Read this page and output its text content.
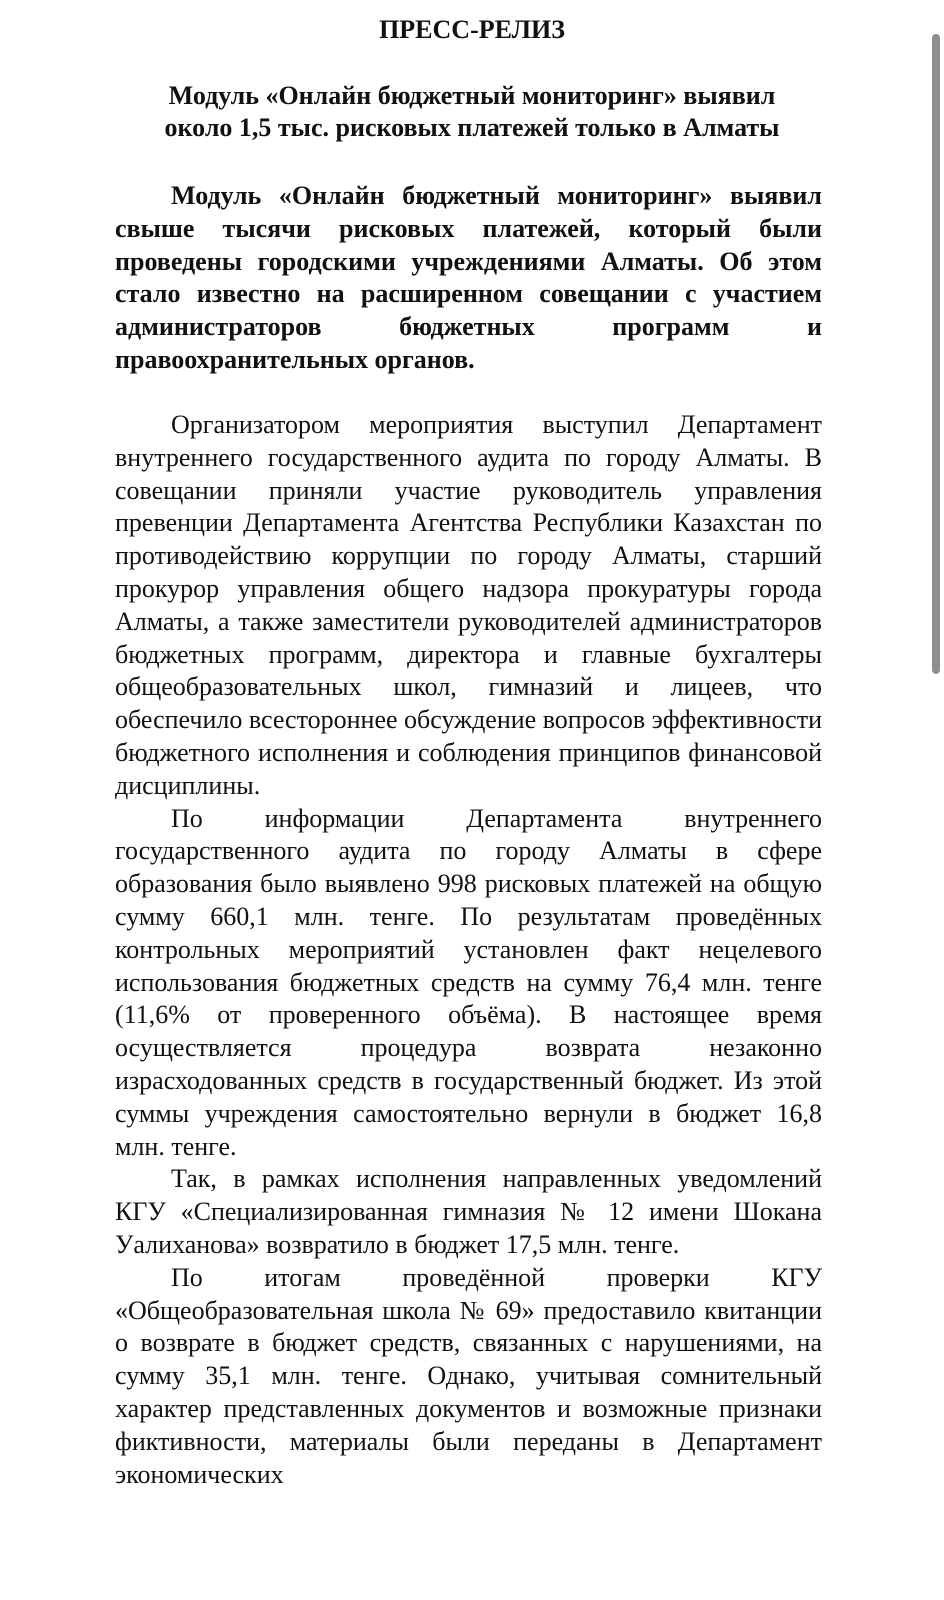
ПРЕСС-РЕЛИЗ
Модуль «Онлайн бюджетный мониторинг» выявил
около 1,5 тыс. рисковых платежей только в Алматы
Модуль «Онлайн бюджетный мониторинг» выявил свыше тысячи рисковых платежей, который были проведены городскими учреждениями Алматы. Об этом стало известно на расширенном совещании с участием администраторов бюджетных программ и правоохранительных органов.

Организатором мероприятия выступил Департамент внутреннего государственного аудита по городу Алматы. В совещании приняли участие руководитель управления превенции Департамента Агентства Республики Казахстан по противодействию коррупции по городу Алматы, старший прокурор управления общего надзора прокуратуры города Алматы, а также заместители руководителей администраторов бюджетных программ, директора и главные бухгалтеры общеобразовательных школ, гимназий и лицеев, что обеспечило всестороннее обсуждение вопросов эффективности бюджетного исполнения и соблюдения принципов финансовой дисциплины.

По информации Департамента внутреннего государственного аудита по городу Алматы в сфере образования было выявлено 998 рисковых платежей на общую сумму 660,1 млн. тенге. По результатам проведённых контрольных мероприятий установлен факт нецелевого использования бюджетных средств на сумму 76,4 млн. тенге (11,6% от проверенного объёма). В настоящее время осуществляется процедура возврата незаконно израсходованных средств в государственный бюджет. Из этой суммы учреждения самостоятельно вернули в бюджет 16,8 млн. тенге.

Так, в рамках исполнения направленных уведомлений КГУ «Специализированная гимназия № 12 имени Шокана Уалиханова» возвратило в бюджет 17,5 млн. тенге.

По итогам проведённой проверки КГУ «Общеобразовательная школа № 69» предоставило квитанции о возврате в бюджет средств, связанных с нарушениями, на сумму 35,1 млн. тенге. Однако, учитывая сомнительный характер представленных документов и возможные признаки фиктивности, материалы были переданы в Департамент экономических
